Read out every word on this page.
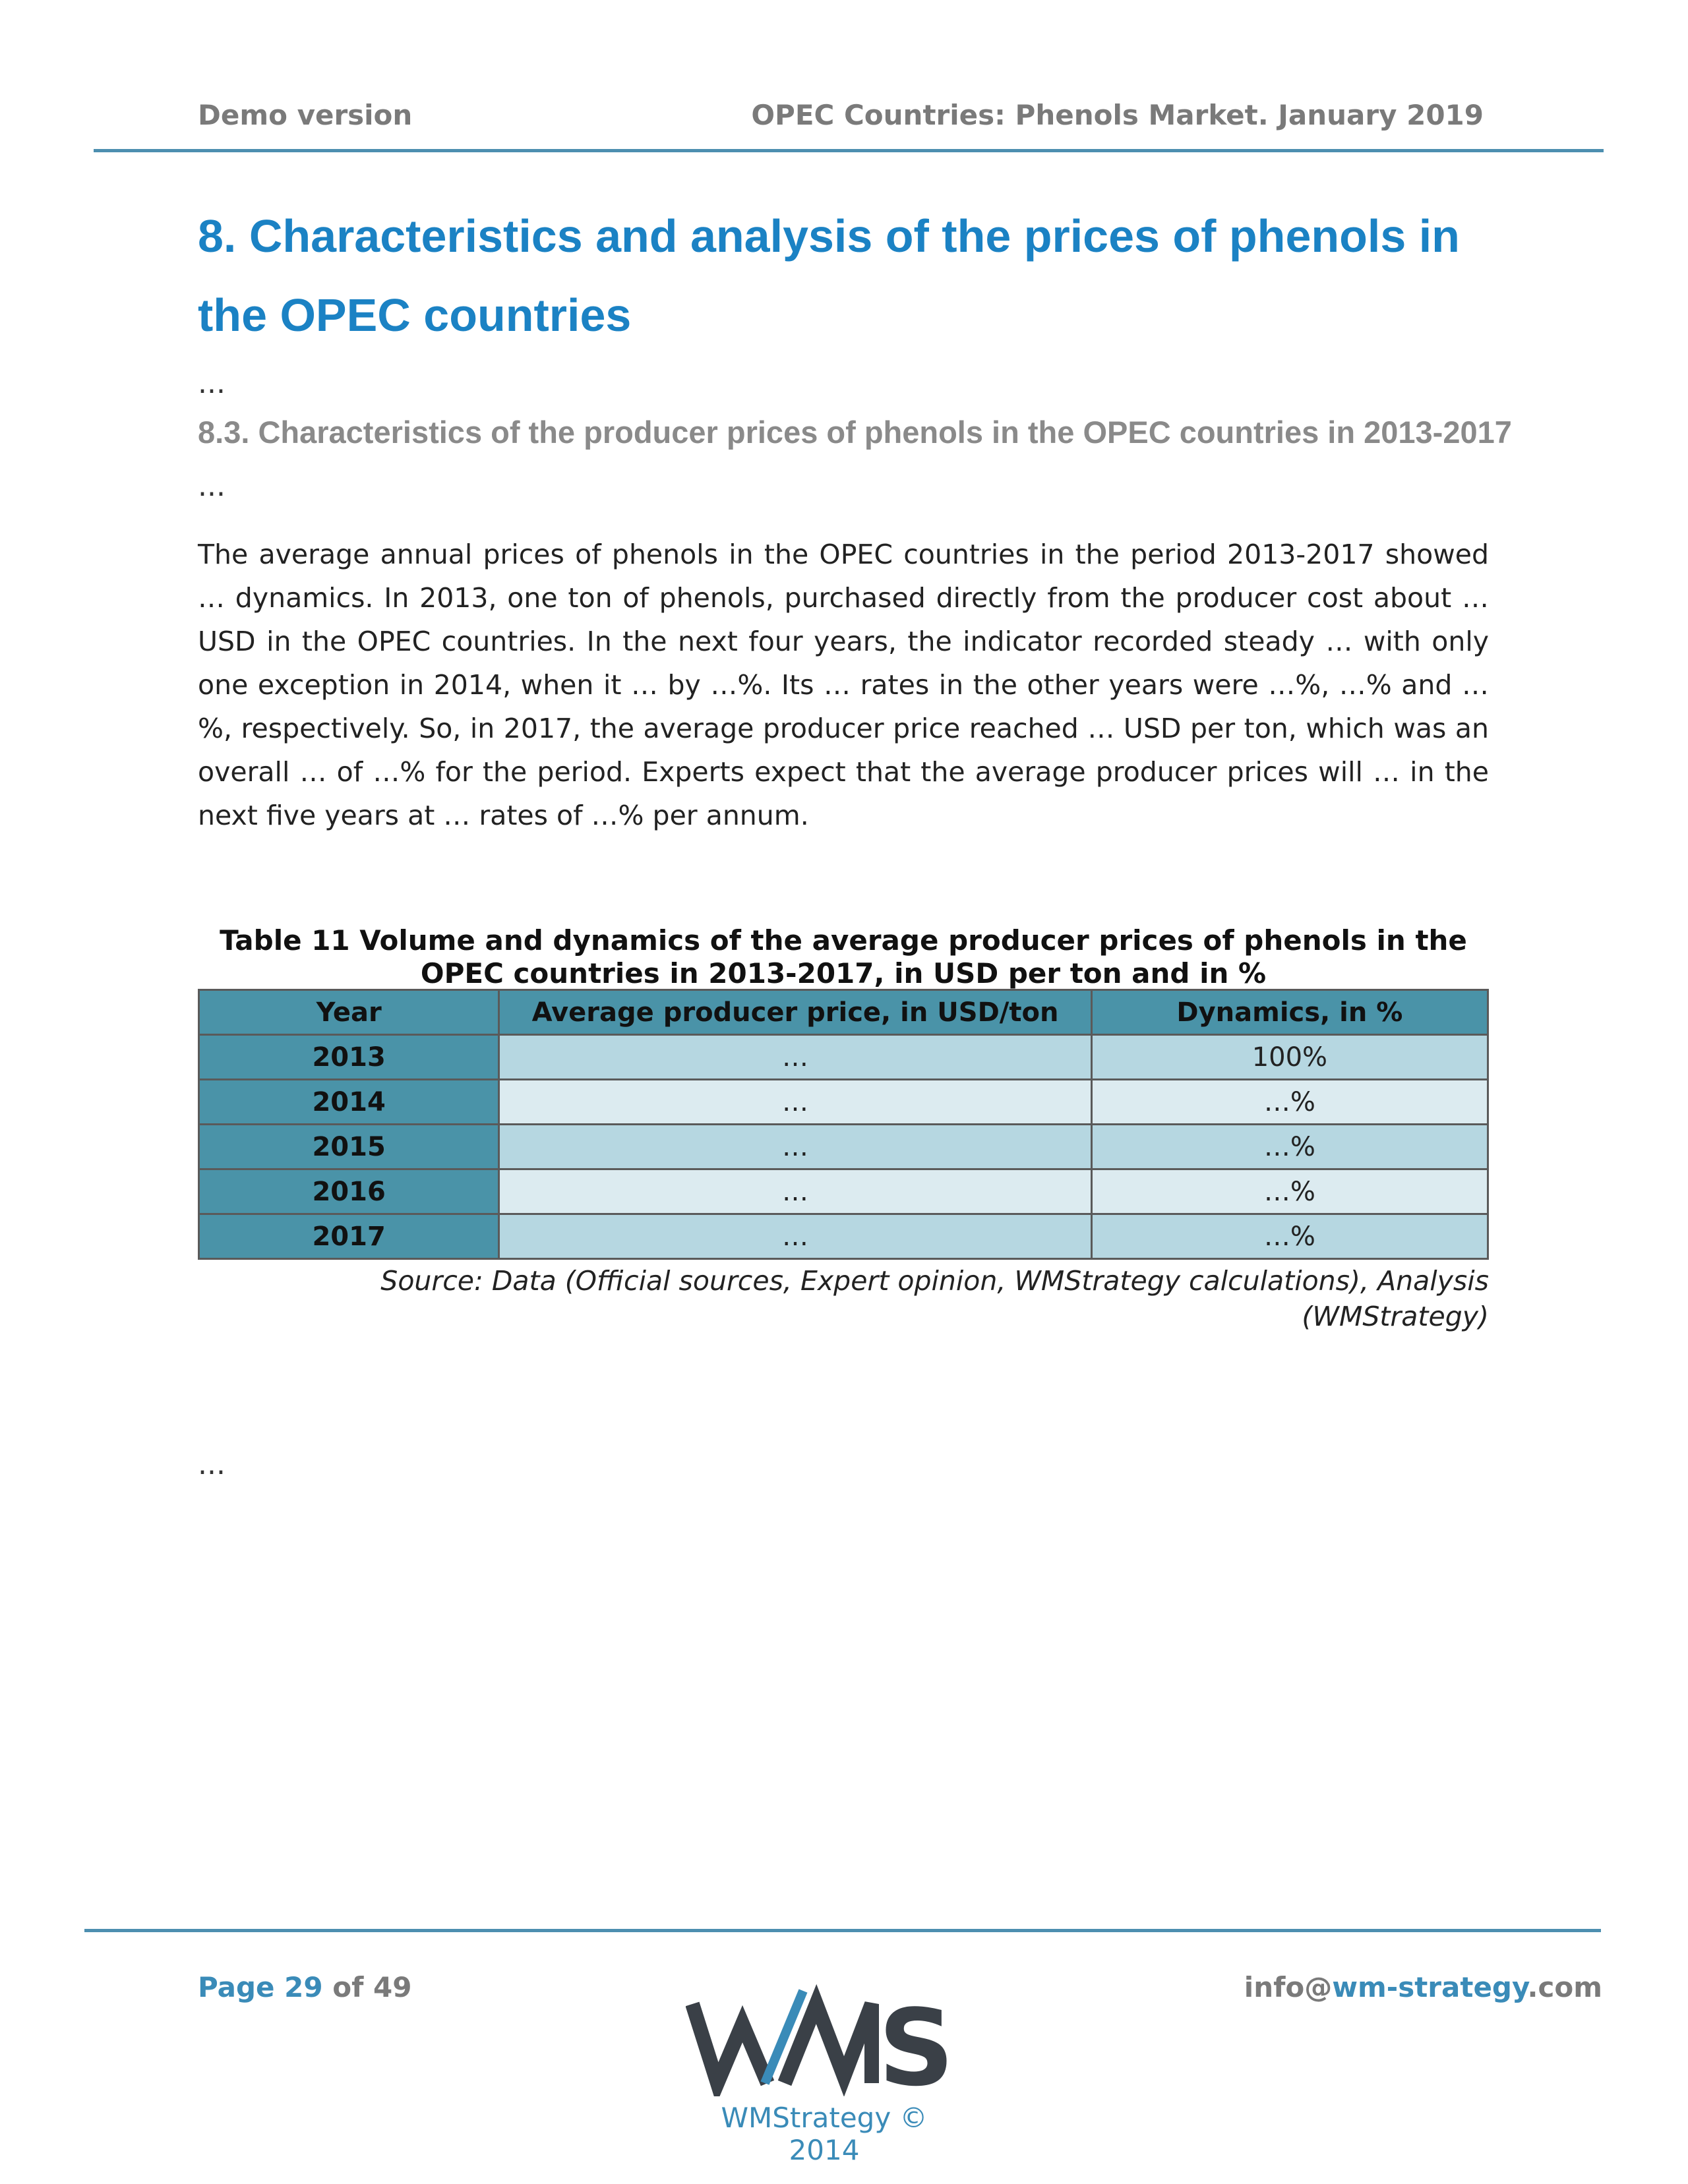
Demo version	OPEC Countries: Phenols Market. January 2019
8. Characteristics and analysis of the prices of phenols in the OPEC countries
...
8.3. Characteristics of the producer prices of phenols in the OPEC countries in 2013-2017
...

The average annual prices of phenols in the OPEC countries in the period 2013-2017 showed … dynamics. In 2013, one ton of phenols, purchased directly from the producer cost about … USD in the OPEC countries. In the next four years, the indicator recorded steady … with only one exception in 2014, when it … by …%. Its … rates in the other years were …%, …% and …%, respectively. So, in 2017, the average producer price reached … USD per ton, which was an overall … of …% for the period. Experts expect that the average producer prices will … in the next five years at … rates of …% per annum.

Table 11 Volume and dynamics of the average producer prices of phenols in the OPEC countries in 2013-2017, in USD per ton and in %
Year	Average producer price, in USD/ton	Dynamics, in %
2013	…	100%
2014	…	…%
2015	…	…%
2016	…	…%
2017	…	…%
Source: Data (Official sources, Expert opinion, WMStrategy calculations), Analysis (WMStrategy)
...
Page 29 of 49	S
WMStrategy © 2014
info@wm-strategy.com
